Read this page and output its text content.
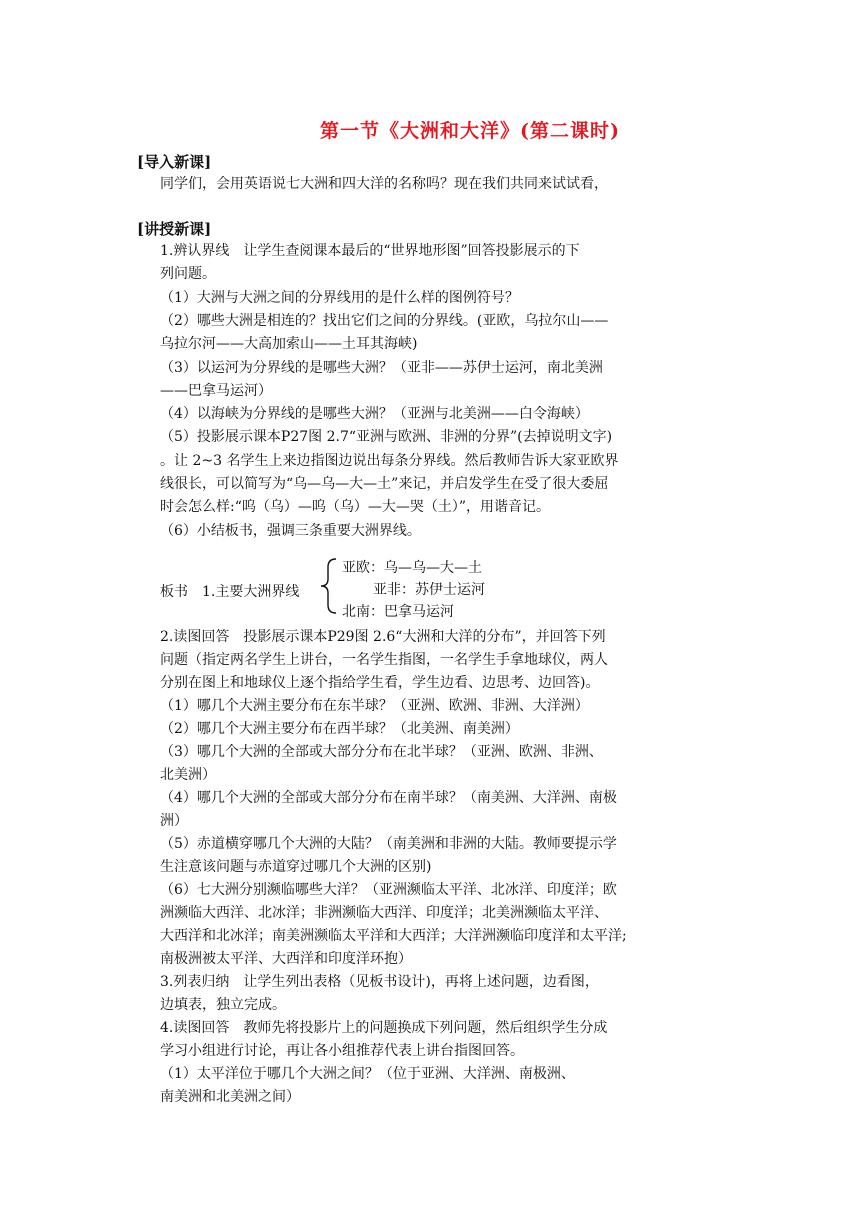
第一节《大洲和大洋》(第二课时)
[导入新课]
同学们，会用英语说七大洲和四大洋的名称吗？现在我们共同来试试看，
[讲授新课]
1.辨认界线　让学生查阅课本最后的“世界地形图”回答投影展示的下
列问题。
（1）大洲与大洲之间的分界线用的是什么样的图例符号？
（2）哪些大洲是相连的？找出它们之间的分界线。(亚欧，乌拉尔山——
乌拉尔河——大高加索山——土耳其海峡)
（3）以运河为分界线的是哪些大洲？（亚非——苏伊士运河，南北美洲
——巴拿马运河）
（4）以海峡为分界线的是哪些大洲？（亚洲与北美洲——白令海峡）
（5）投影展示课本P27图 2.7“亚洲与欧洲、非洲的分界”(去掉说明文字)
。让 2~3 名学生上来边指图边说出每条分界线。然后教师告诉大家亚欧界
线很长，可以简写为“乌—乌—大—土”来记，并启发学生在受了很大委屈
时会怎么样:“呜（乌）—呜（乌）—大—哭（土）”，用谐音记。
（6）小结板书，强调三条重要大洲界线。
板书　1.主要大洲界线
亚欧：乌—乌—大—土
亚非：苏伊士运河
北南：巴拿马运河
2.读图回答　投影展示课本P29图 2.6“大洲和大洋的分布”，并回答下列
问题（指定两名学生上讲台，一名学生指图，一名学生手拿地球仪，两人
分别在图上和地球仪上逐个指给学生看，学生边看、边思考、边回答)。
（1）哪几个大洲主要分布在东半球？（亚洲、欧洲、非洲、大洋洲）
（2）哪几个大洲主要分布在西半球？（北美洲、南美洲）
（3）哪几个大洲的全部或大部分分布在北半球？（亚洲、欧洲、非洲、
北美洲）
（4）哪几个大洲的全部或大部分分布在南半球？（南美洲、大洋洲、南极
洲）
（5）赤道横穿哪几个大洲的大陆？（南美洲和非洲的大陆。教师要提示学
生注意该问题与赤道穿过哪几个大洲的区别)
（6）七大洲分别濒临哪些大洋？（亚洲濒临太平洋、北冰洋、印度洋；欧
洲濒临大西洋、北冰洋；非洲濒临大西洋、印度洋；北美洲濒临太平洋、
大西洋和北冰洋；南美洲濒临太平洋和大西洋；大洋洲濒临印度洋和太平洋;
南极洲被太平洋、大西洋和印度洋环抱）
3.列表归纳　让学生列出表格（见板书设计)，再将上述问题，边看图，
边填表，独立完成。
4.读图回答　教师先将投影片上的问题换成下列问题，然后组织学生分成
学习小组进行讨论，再让各小组推荐代表上讲台指图回答。
（1）太平洋位于哪几个大洲之间？（位于亚洲、大洋洲、南极洲、
南美洲和北美洲之间）
